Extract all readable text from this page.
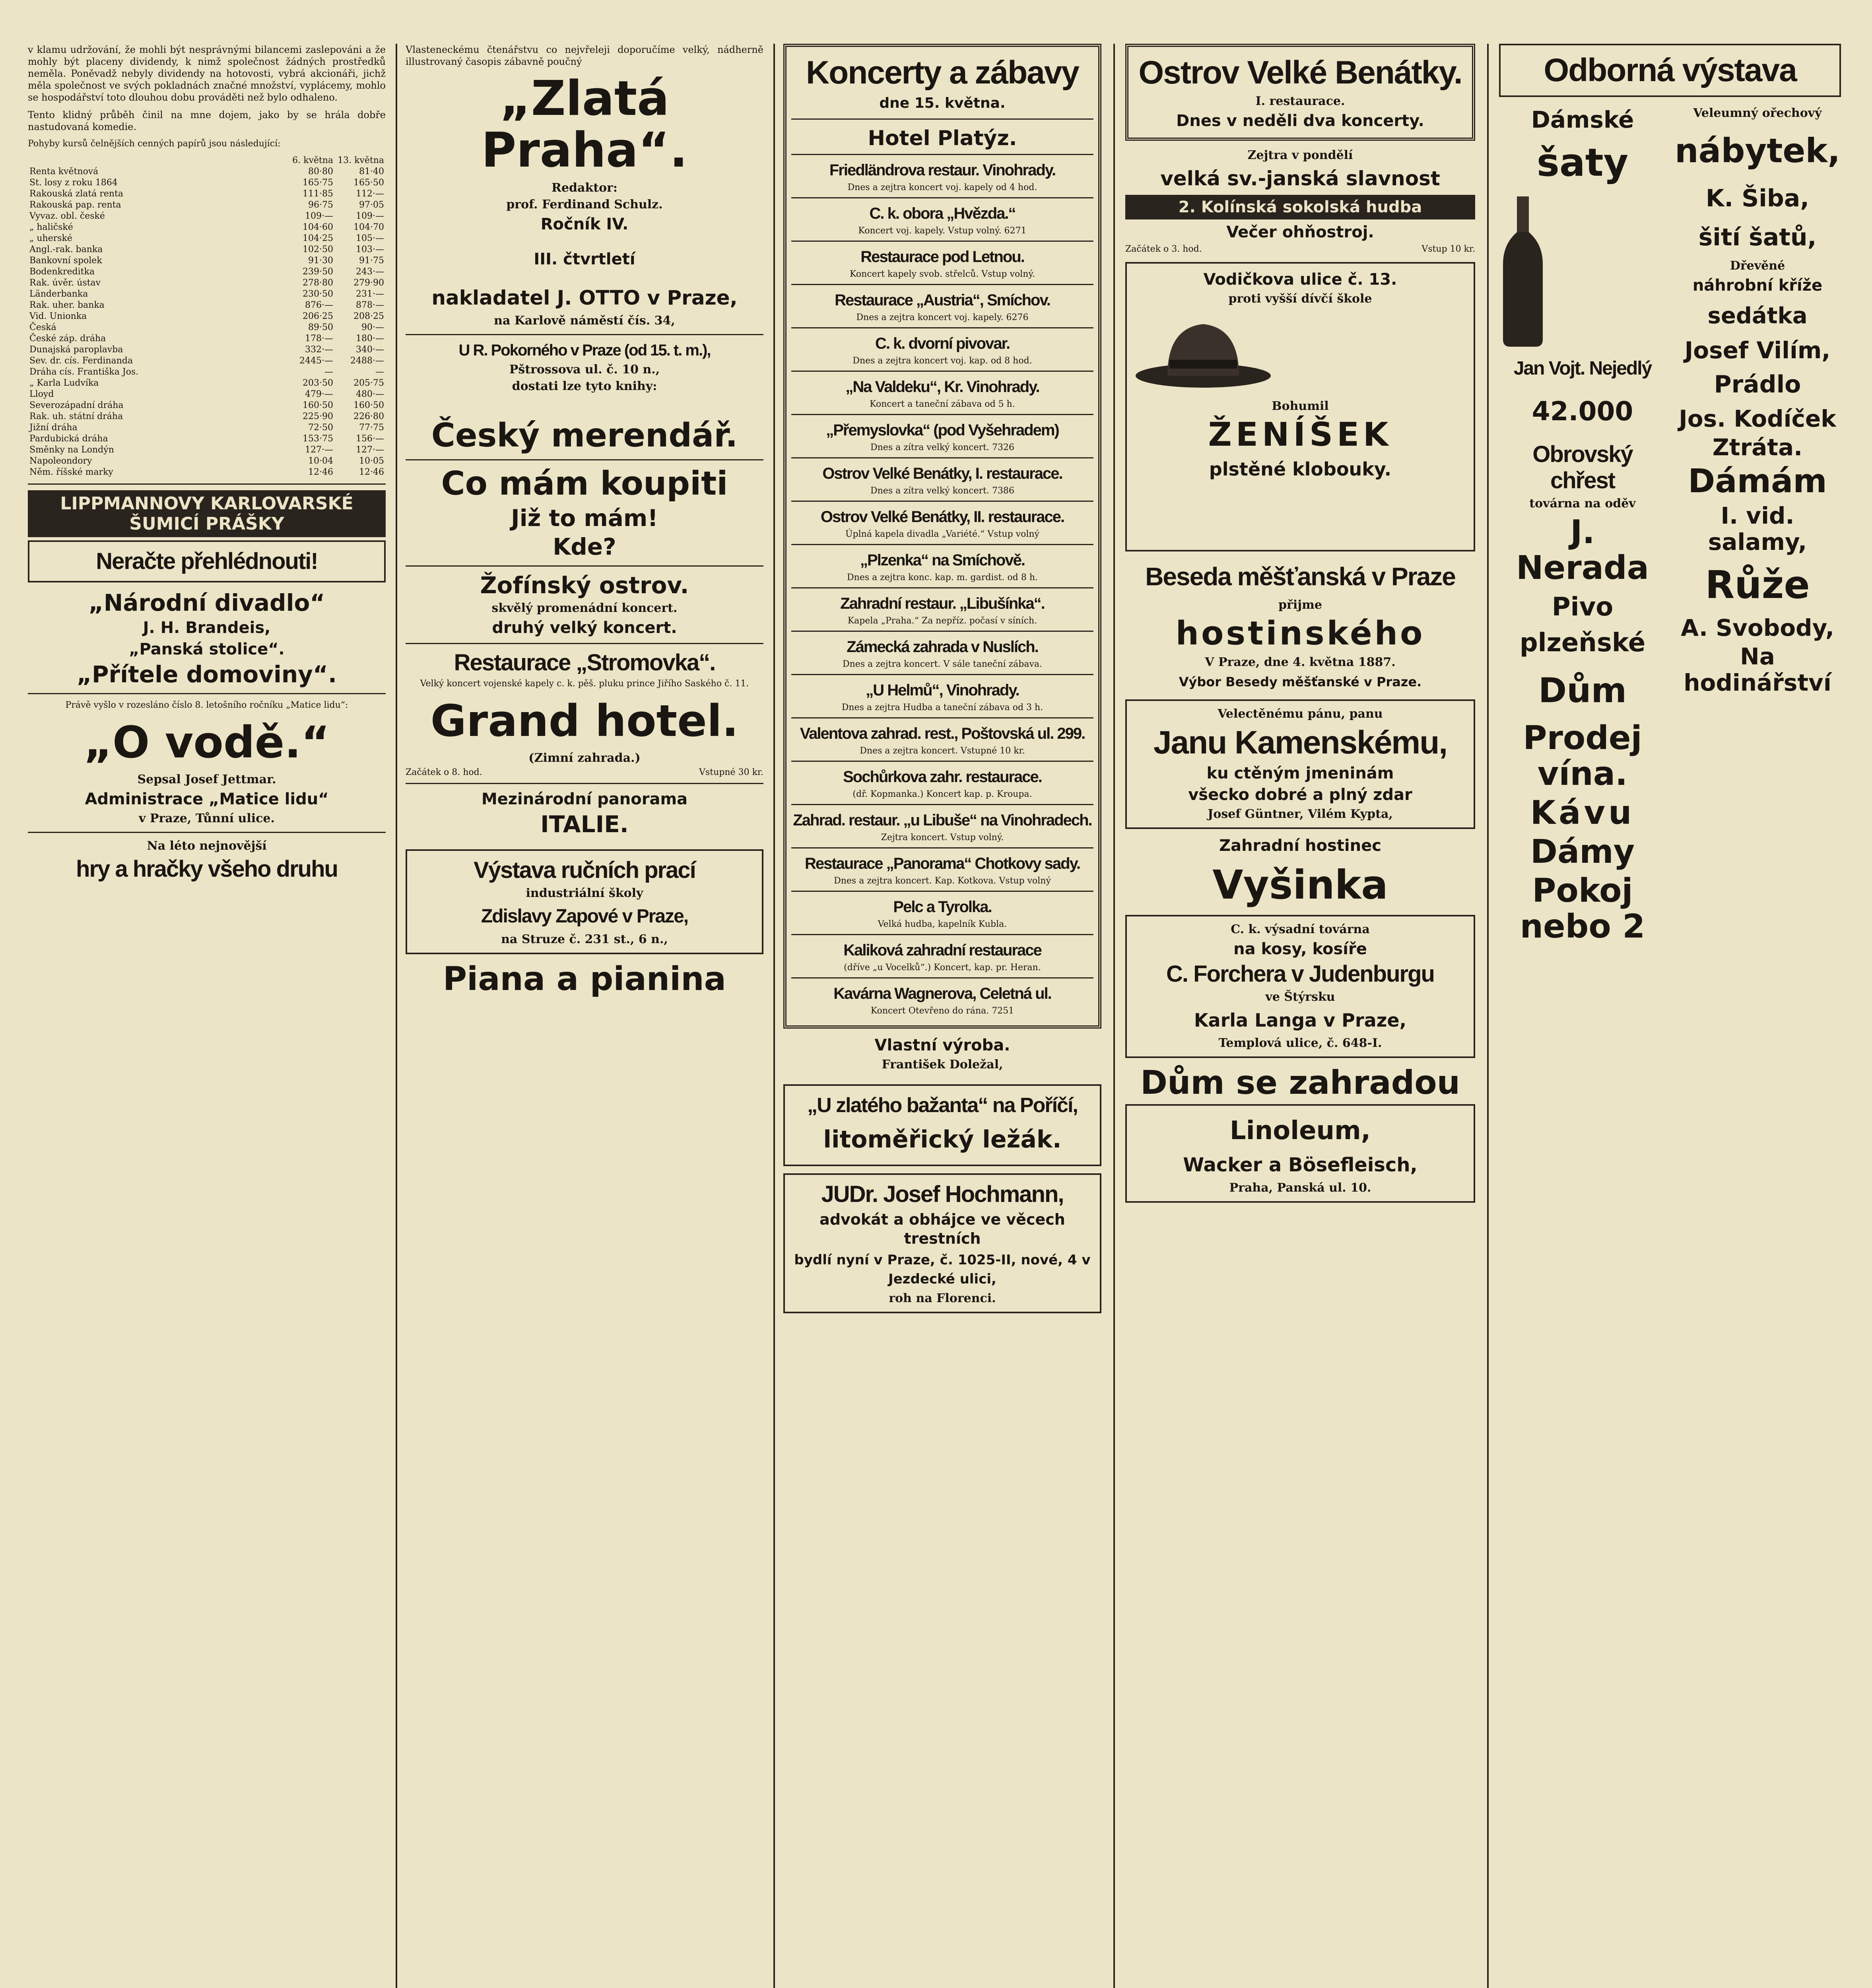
v klamu udržování, že mohli být nesprávnými bilancemi zaslepováni a že mohly být placeny dividendy, k nimž společnost žádných prostředků neměla. Poněvadž nebyly dividendy na hotovosti, vybrá akcionáři, jichž měla společnost ve svých pokladnách značné množství, vyplácemy, mohlo se hospodářství toto dlouhou dobu prováděti než bylo odhaleno.

Tento klidný průběh činil na mne dojem, jako by se hrála dobře nastudovaná komedie.

Pohyby kursů čelnějších cenných papírů jsou následující:

	6. května	13. května
Renta květnová	80·80	81·40
St. losy z roku 1864	165·75	165·50
Rakouská zlatá renta	111·85	112·—
Rakouská pap. renta	96·75	97·05
Vyvaz. obl. české	109·—	109·—
„ haličské	104·60	104·70
„ uherské	104·25	105·—
Angl.-rak. banka	102·50	103·—
Bankovní spolek	91·30	91·75
Bodenkreditka	239·50	243·—
Rak. úvěr. ústav	278·80	279·90
Länderbanka	230·50	231·—
Rak. uher. banka	876·—	878·—
Vid. Unionka	206·25	208·25
Česká	89·50	90·—
České záp. dráha	178·—	180·—
Dunajská paroplavba	332·—	340·—
Sev. dr. cís. Ferdinanda	2445·—	2488·—
Dráha cís. Františka Jos.	—	—
„ Karla Ludvíka	203·50	205·75
Lloyd	479·—	480·—
Severozápadní dráha	160·50	160·50
Rak. uh. státní dráha	225·90	226·80
Jižní dráha	72·50	77·75
Pardubická dráha	153·75	156·—
Směnky na Londýn	127·—	127·—
Napoleondory	10·04	10·05
Něm. říšské marky	12·46	12·46
LIPPMANNOVY KARLOVARSKÉ ŠUMICÍ PRÁŠKY
Neračte přehlédnouti!
„Národní divadlo“
J. H. Brandeis,
„Panská stolice“.
„Přítele domoviny“.

Právě vyšlo v rozesláno číslo 8. letošního ročníku „Matice lidu“:

„O vodě.“
Sepsal Josef Jettmar.
Administrace „Matice lidu“
v Praze, Tůnní ulice.
Na léto nejnovější
hry a hračky všeho druhu

Vlasteneckému čtenářstvu co nejvřeleji doporučíme velký, nádherně illustrovaný časopis zábavně poučný

„Zlatá Praha“.
Redaktor:
prof. Ferdinand Schulz.
Ročník IV.
III. čtvrtletí
nakladatel J. OTTO v Praze,
na Karlově náměstí čís. 34,
U R. Pokorného v Praze (od 15. t. m.),
Pštrossova ul. č. 10 n.,
dostati lze tyto knihy:
Český merendář.
Co mám koupiti
Již to mám!
Kde?
Žofínský ostrov.
skvělý promenádní koncert.
druhý velký koncert.
Restaurace „Stromovka“.

Velký koncert vojenské kapely c. k. pěš. pluku prince Jiřího Saského č. 11.

Grand hotel.
(Zimní zahrada.)
Začátek o 8. hod.	Vstupné 30 kr.
Mezinárodní panorama
ITALIE.
Výstava ručních prací
industriální školy
Zdislavy Zapové v Praze,
na Struze č. 231 st., 6 n.,
Piana a pianina
Koncerty a zábavy
dne 15. května.
Hotel Platýz.
Friedländrova restaur. Vinohrady.

Dnes a zejtra koncert voj. kapely od 4 hod.

C. k. obora „Hvězda.“

Koncert voj. kapely. Vstup volný. 6271

Restaurace pod Letnou.

Koncert kapely svob. střelců. Vstup volný.

Restaurace „Austria“, Smíchov.

Dnes a zejtra koncert voj. kapely. 6276

C. k. dvorní pivovar.

Dnes a zejtra koncert voj. kap. od 8 hod.

„Na Valdeku“, Kr. Vinohrady.

Koncert a taneční zábava od 5 h.

„Přemyslovka“ (pod Vyšehradem)

Dnes a zítra velký koncert. 7326

Ostrov Velké Benátky, I. restaurace.

Dnes a zítra velký koncert. 7386

Ostrov Velké Benátky, II. restaurace.

Úplná kapela divadla „Variété.“ Vstup volný

„Plzenka“ na Smíchově.

Dnes a zejtra konc. kap. m. gardist. od 8 h.

Zahradní restaur. „Libušínka“.

Kapela „Praha.“ Za nepříz. počasí v síních.

Zámecká zahrada v Nuslích.

Dnes a zejtra koncert. V sále taneční zábava.

„U Helmů“, Vinohrady.

Dnes a zejtra Hudba a taneční zábava od 3 h.

Valentova zahrad. rest., Poštovská ul. 299.

Dnes a zejtra koncert. Vstupné 10 kr.

Sochůrkova zahr. restaurace.

(dř. Kopmanka.) Koncert kap. p. Kroupa.

Zahrad. restaur. „u Libuše“ na Vinohradech.

Zejtra koncert. Vstup volný.

Restaurace „Panorama“ Chotkovy sady.

Dnes a zejtra koncert. Kap. Kotkova. Vstup volný

Pelc a Tyrolka.

Velká hudba, kapelník Kubla.

Kaliková zahradní restaurace

(dříve „u Vocelků“.) Koncert, kap. pr. Heran.

Kavárna Wagnerova, Celetná ul.

Koncert Otevřeno do rána. 7251

Vlastní výroba.
František Doležal,
„U zlatého bažanta“ na Poříčí,
litoměřický ležák.
JUDr. Josef Hochmann,
advokát a obhájce ve věcech trestních
bydlí nyní v Praze, č. 1025-II, nové, 4 v Jezdecké ulici,
roh na Florenci.
Ostrov Velké Benátky.
I. restaurace.
Dnes v neděli dva koncerty.
Zejtra v pondělí
velká sv.-janská slavnost
2. Kolínská sokolská hudba
Večer ohňostroj.
Začátek o 3. hod.	Vstup 10 kr.
Vodičkova ulice č. 13.
proti vyšší dívčí škole
Bohumil
ŽENÍŠEK
plstěné klobouky.
Beseda měšťanská v Praze
přijme
hostinského
V Praze, dne 4. května 1887.
Výbor Besedy měšťanské v Praze.
Velectěnému pánu, panu
Janu Kamenskému,
ku ctěným jmeninám
všecko dobré a plný zdar
Josef Güntner, Vilém Kypta,
Zahradní hostinec
Vyšinka
C. k. výsadní továrna
na kosy, kosíře
C. Forchera v Judenburgu
ve Štýrsku
Karla Langa v Praze,
Templová ulice, č. 648-I.
Dům se zahradou
Linoleum,
Wacker a Bösefleisch,
Praha, Panská ul. 10.
Odborná výstava
Dámské
šaty
Jan Vojt. Nejedlý
42.000
Obrovský chřest
továrna na oděv
J. Nerada
Pivo plzeňské
Dům
Prodej vína.
Kávu
Dámy
Pokoj nebo 2
Veleumný ořechový
nábytek,
K. Šiba,
šití šatů,
Dřevěné
náhrobní kříže
sedátka
Josef Vilím,
Prádlo
Jos. Kodíček
Ztráta.
Dámám
I. vid. salamy,
Růže
A. Svobody,
Na hodinářství
